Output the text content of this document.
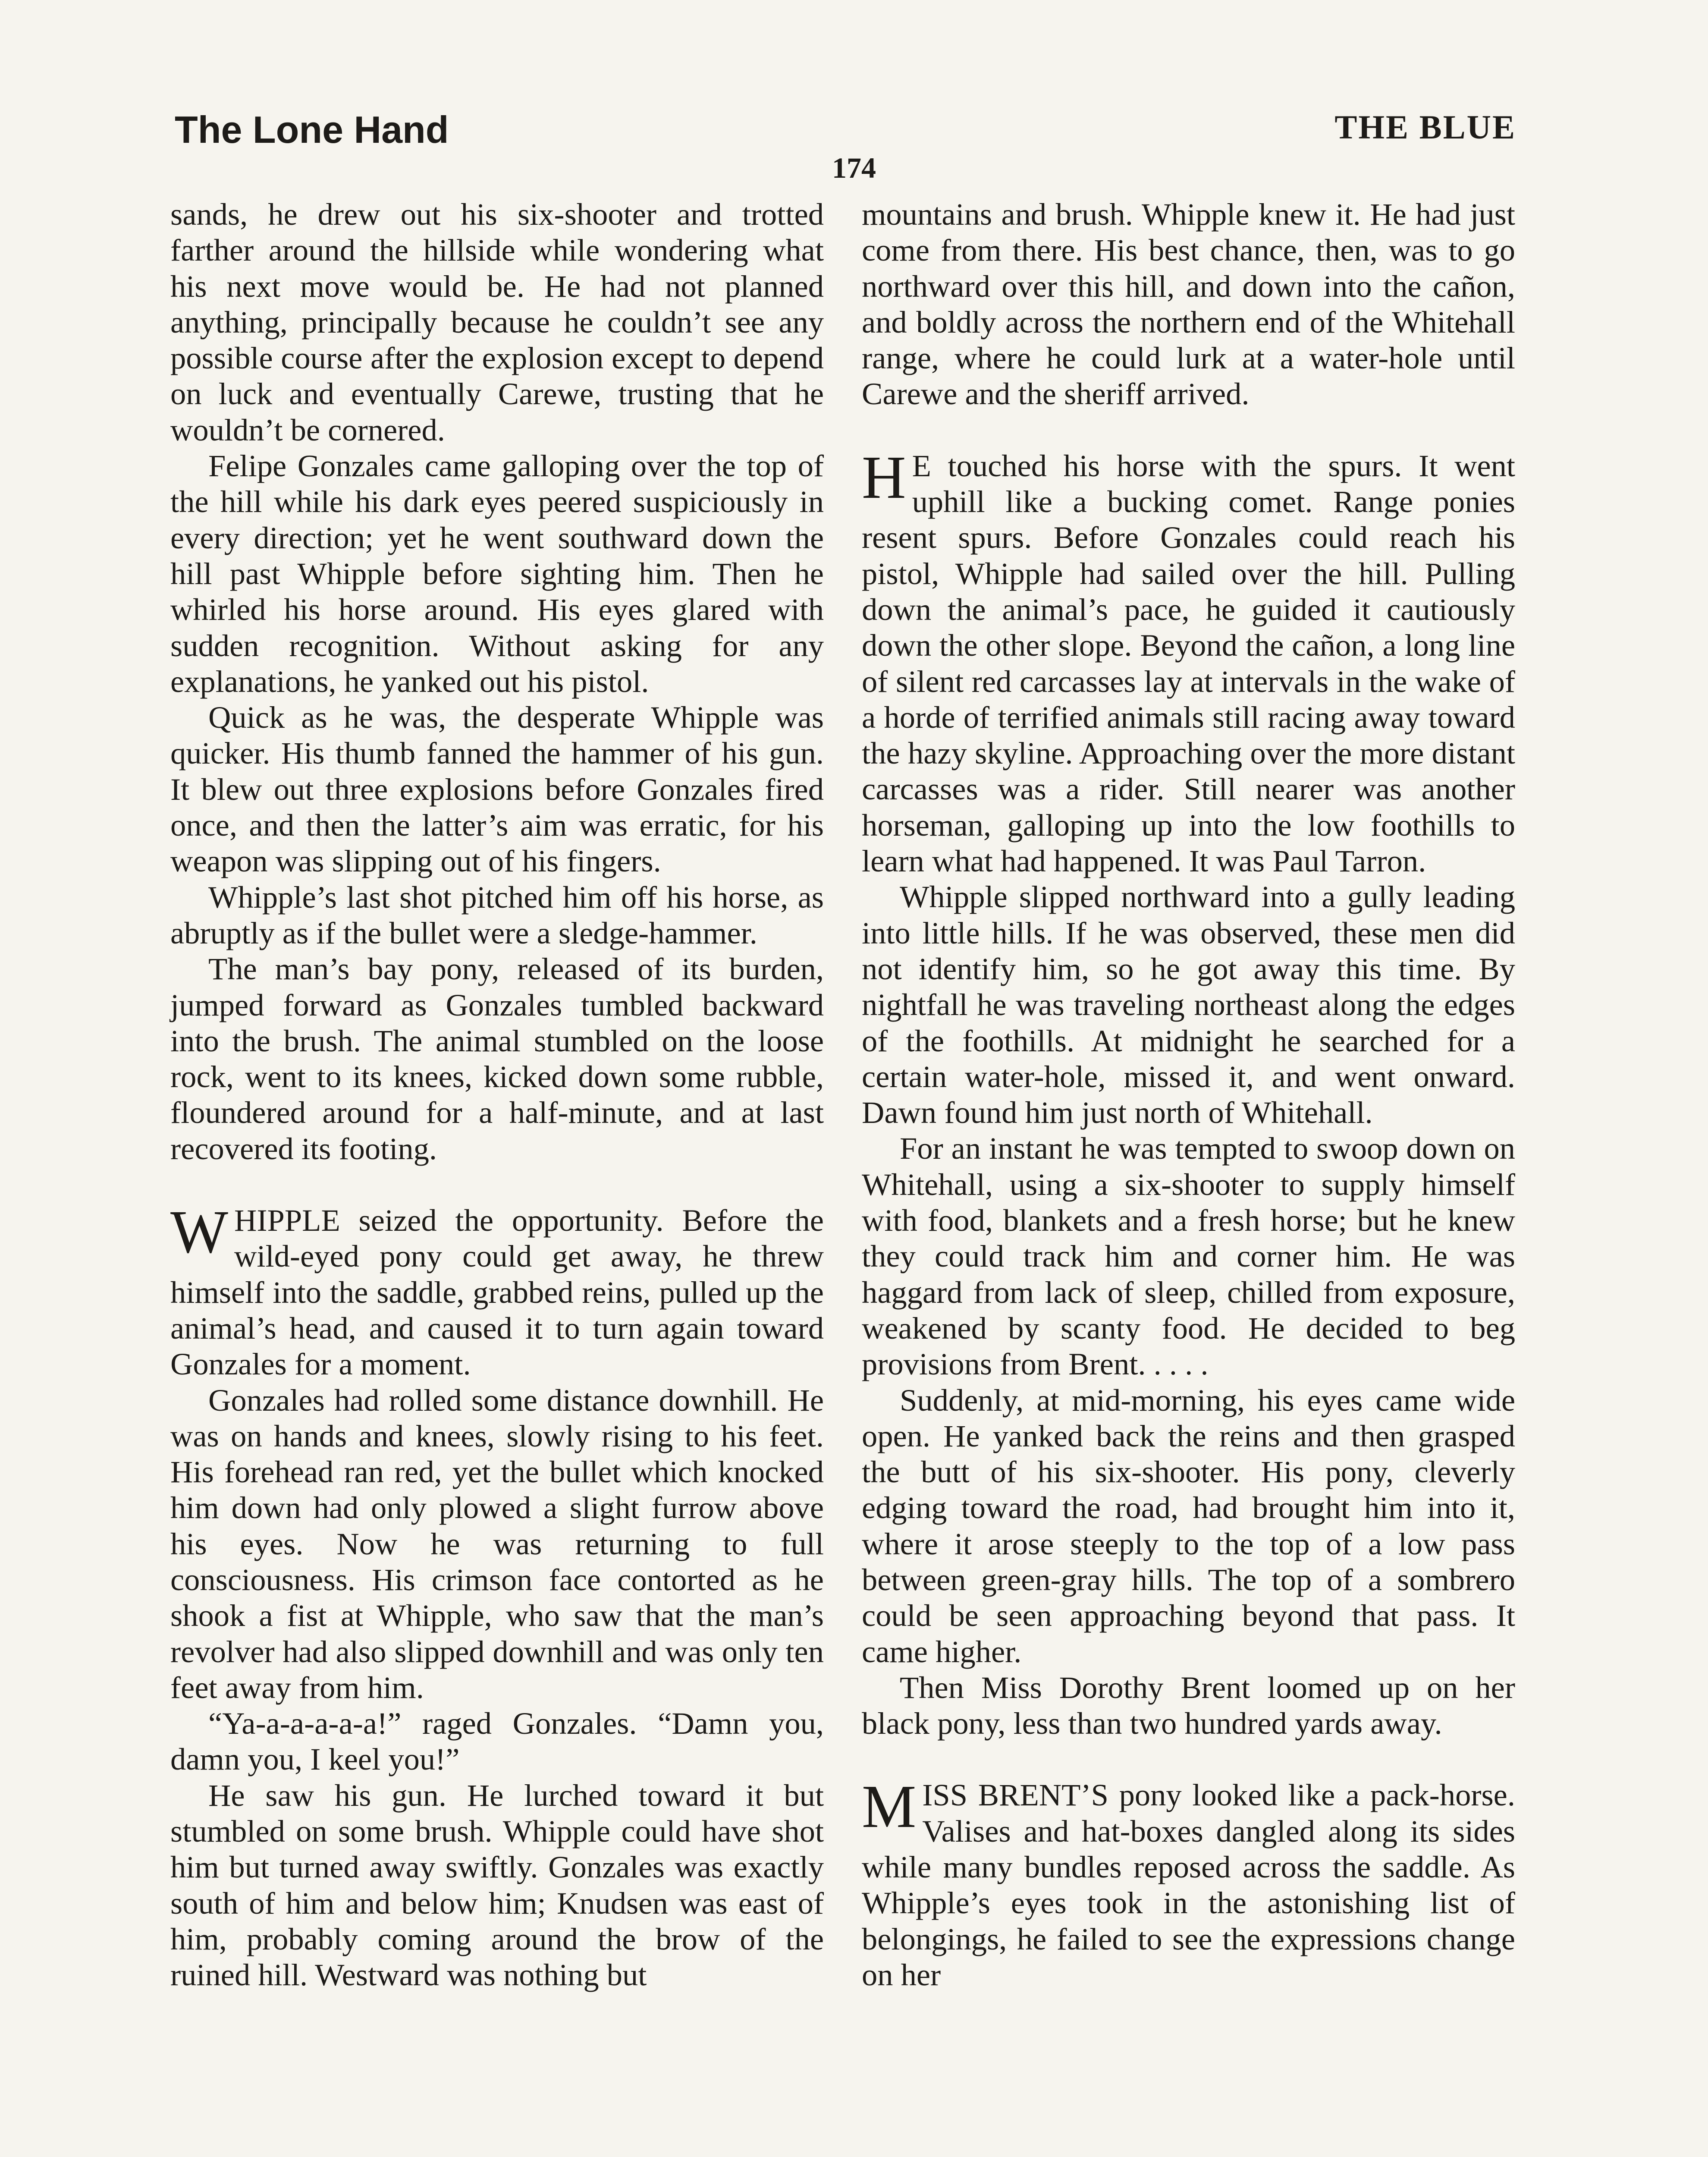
The Lone Hand	THE BLUE
174

sands, he drew out his six-shooter and trotted farther around the hillside while wondering what his next move would be. He had not planned anything, principally because he couldn’t see any possible course after the explosion except to depend on luck and eventually Carewe, trusting that he wouldn’t be cornered.

Felipe Gonzales came galloping over the top of the hill while his dark eyes peered suspiciously in every direction; yet he went southward down the hill past Whipple before sighting him. Then he whirled his horse around. His eyes glared with sudden recognition. Without asking for any explanations, he yanked out his pistol.

Quick as he was, the desperate Whipple was quicker. His thumb fanned the hammer of his gun. It blew out three explosions before Gonzales fired once, and then the latter’s aim was erratic, for his weapon was slipping out of his fingers.

Whipple’s last shot pitched him off his horse, as abruptly as if the bullet were a sledge-hammer.

The man’s bay pony, released of its burden, jumped forward as Gonzales tumbled backward into the brush. The animal stumbled on the loose rock, went to its knees, kicked down some rubble, floundered around for a half-minute, and at last recovered its footing.

WHIPPLE seized the opportunity. Before the wild-eyed pony could get away, he threw himself into the saddle, grabbed reins, pulled up the animal’s head, and caused it to turn again toward Gonzales for a moment.

Gonzales had rolled some distance downhill. He was on hands and knees, slowly rising to his feet. His forehead ran red, yet the bullet which knocked him down had only plowed a slight furrow above his eyes. Now he was returning to full consciousness. His crimson face contorted as he shook a fist at Whipple, who saw that the man’s revolver had also slipped downhill and was only ten feet away from him.

“Ya-a-a-a-a-a!” raged Gonzales. “Damn you, damn you, I keel you!”

He saw his gun. He lurched toward it but stumbled on some brush. Whipple could have shot him but turned away swiftly. Gonzales was exactly south of him and below him; Knudsen was east of him, probably coming around the brow of the ruined hill. Westward was nothing but

mountains and brush. Whipple knew it. He had just come from there. His best chance, then, was to go northward over this hill, and down into the cañon, and boldly across the northern end of the Whitehall range, where he could lurk at a water-hole until Carewe and the sheriff arrived.

H E touched his horse with the spurs. It went uphill like a bucking comet. Range ponies resent spurs. Before Gonzales could reach his pistol, Whipple had sailed over the hill. Pulling down the animal’s pace, he guided it cautiously down the other slope. Beyond the cañon, a long line of silent red carcasses lay at intervals in the wake of a horde of terrified animals still racing away toward the hazy skyline. Approaching over the more distant carcasses was a rider. Still nearer was another horseman, galloping up into the low foothills to learn what had happened. It was Paul Tarron.

Whipple slipped northward into a gully leading into little hills. If he was observed, these men did not identify him, so he got away this time. By nightfall he was traveling northeast along the edges of the foothills. At midnight he searched for a certain water-hole, missed it, and went onward. Dawn found him just north of Whitehall.

For an instant he was tempted to swoop down on Whitehall, using a six-shooter to supply himself with food, blankets and a fresh horse; but he knew they could track him and corner him. He was haggard from lack of sleep, chilled from exposure, weakened by scanty food. He decided to beg provisions from Brent. . . . .

Suddenly, at mid-morning, his eyes came wide open. He yanked back the reins and then grasped the butt of his six-shooter. His pony, cleverly edging toward the road, had brought him into it, where it arose steeply to the top of a low pass between green-gray hills. The top of a sombrero could be seen approaching beyond that pass. It came higher.

Then Miss Dorothy Brent loomed up on her black pony, less than two hundred yards away.

MISS BRENT’S pony looked like a pack-horse. Valises and hat-boxes dangled along its sides while many bundles reposed across the saddle. As Whipple’s eyes took in the astonishing list of belongings, he failed to see the expressions change on her
